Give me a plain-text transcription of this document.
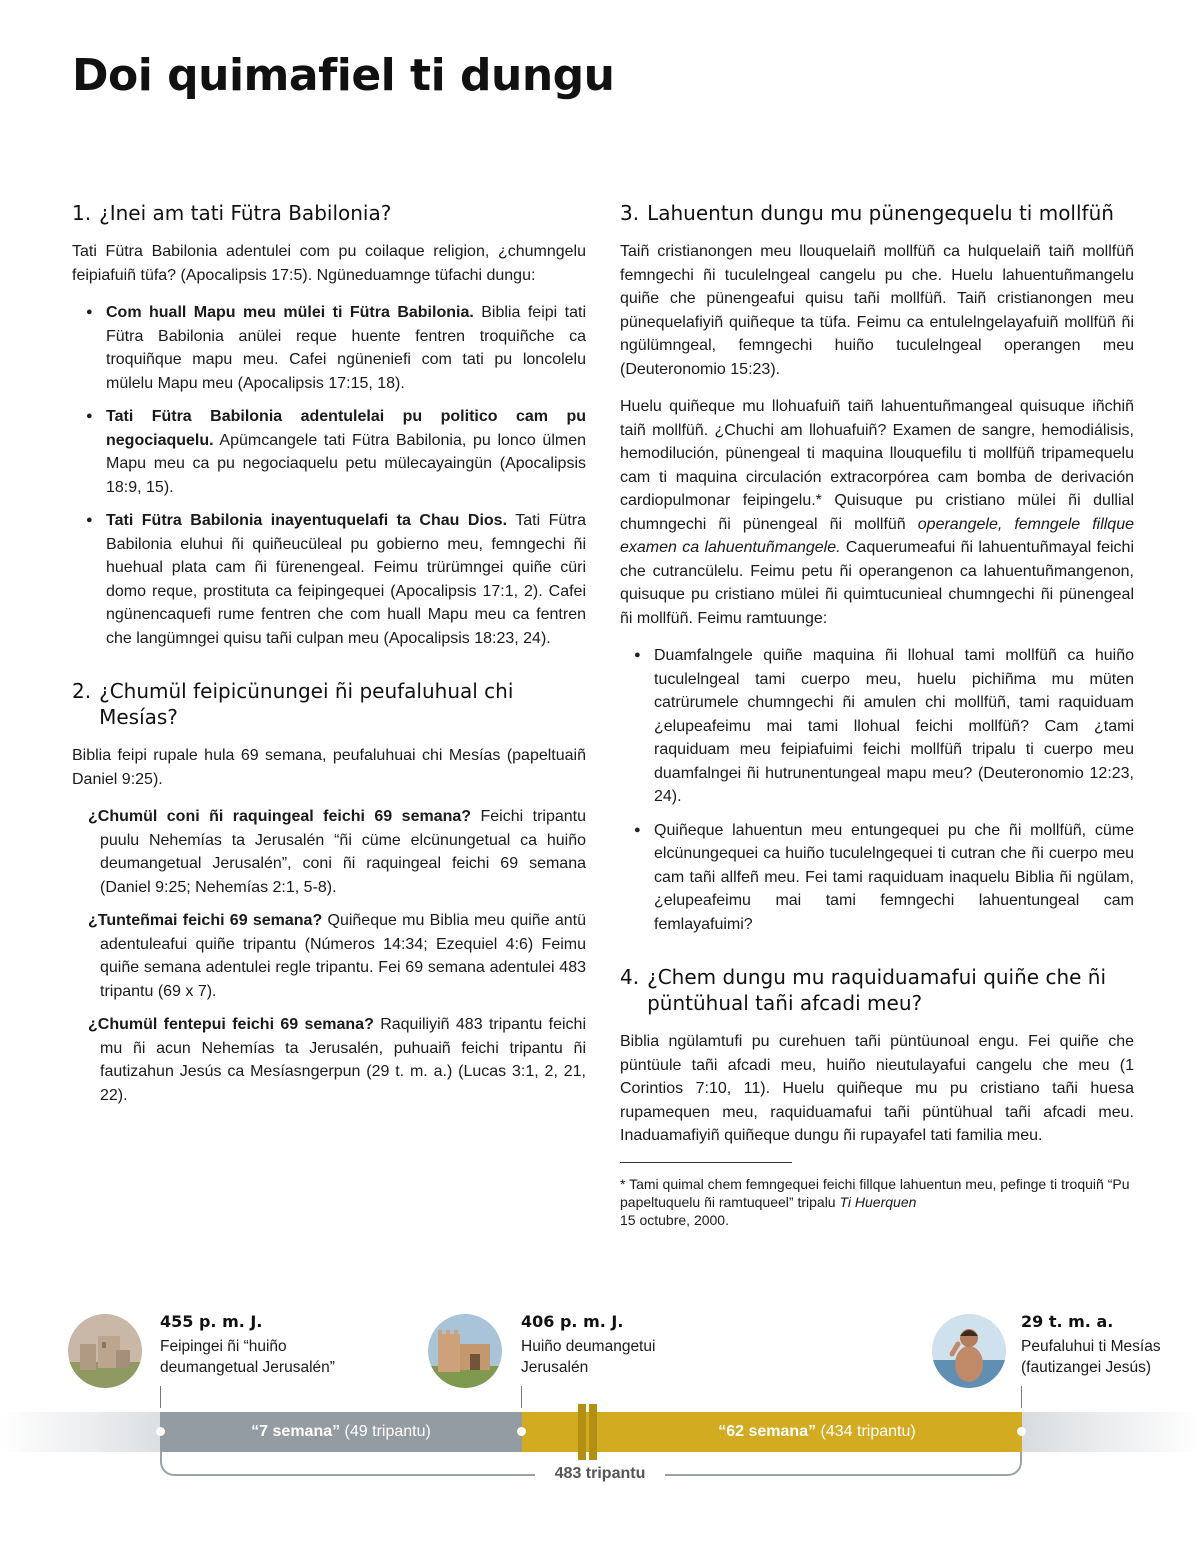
Doi quimafiel ti dungu
1. ¿Inei am tati Fütra Babilonia?

Tati Fütra Babilonia adentulei com pu coilaque religion, ¿chumngelu feipiafuiñ tüfa? (Apocalipsis 17:5). Ngüneduamnge tüfachi dungu:

● Com huall Mapu meu mülei ti Fütra Babilonia. Biblia feipi tati Fütra Babilonia anülei reque huente fentren troquiñche ca troquiñque mapu meu. Cafei ngüneniefi com tati pu loncolelu mülelu Mapu meu (Apocalipsis 17:15, 18).
● Tati Fütra Babilonia adentulelai pu politico cam pu negociaquelu. Apümcangele tati Fütra Babilonia, pu lonco ülmen Mapu meu ca pu negociaquelu petu mülecayaingün (Apocalipsis 18:9, 15).
● Tati Fütra Babilonia inayentuquelafi ta Chau Dios. Tati Fütra Babilonia eluhui ñi quiñeucüleal pu gobierno meu, femngechi ñi huehual plata cam ñi fürenengeal. Feimu trürümngei quiñe cüri domo reque, prostituta ca feipingequei (Apocalipsis 17:1, 2). Cafei ngünencaquefi rume fentren che com huall Mapu meu ca fentren che langümngei quisu tañi culpan meu (Apocalipsis 18:23, 24).
2. ¿Chumül feipicünungei ñi peufaluhual chi Mesías?

Biblia feipi rupale hula 69 semana, peufaluhuai chi Mesías (papeltuaiñ Daniel 9:25).

¿Chumül coni ñi raquingeal feichi 69 semana? Feichi tripantu puulu Nehemías ta Jerusalén “ñi cüme elcünungetual ca huiño deumangetual Jerusalén”, coni ñi raquingeal feichi 69 semana (Daniel 9:25; Nehemías 2:1, 5-8).
¿Tunteñmai feichi 69 semana? Quiñeque mu Biblia meu quiñe antü adentuleafui quiñe tripantu (Números 14:34; Ezequiel 4:6) Feimu quiñe semana adentulei regle tripantu. Fei 69 semana adentulei 483 tripantu (69 x 7).
¿Chumül fentepui feichi 69 semana? Raquiliyiñ 483 tripantu feichi mu ñi acun Nehemías ta Jerusalén, puhuaiñ feichi tripantu ñi fautizahun Jesús ca Mesíasngerpun (29 t. m. a.) (Lucas 3:1, 2, 21, 22).
3. Lahuentun dungu mu pünengequelu ti mollfüñ

Taiñ cristianongen meu llouquelaiñ mollfüñ ca hulquelaiñ taiñ mollfüñ femngechi ñi tuculelngeal cangelu pu che. Huelu lahuentuñmangelu quiñe che pünengeafui quisu tañi mollfüñ. Taiñ cristianongen meu pünequelafiyiñ quiñeque ta tüfa. Feimu ca entulelngelayafuiñ mollfüñ ñi ngülümngeal, femngechi huiño tuculelngeal operangen meu (Deuteronomio 15:23).

Huelu quiñeque mu llohuafuiñ taiñ lahuentuñmangeal quisuque iñchiñ taiñ mollfüñ. ¿Chuchi am llohuafuiñ? Examen de sangre, hemodiálisis, hemodilución, pünengeal ti maquina llouquefilu ti mollfüñ tripamequelu cam ti maquina circulación extracorpórea cam bomba de derivación cardiopulmonar feipingelu.* Quisuque pu cristiano mülei ñi dullial chumngechi ñi pünengeal ñi mollfüñ operangele, femngele fillque examen ca lahuentuñmangele. Caquerumeafui ñi lahuentuñmayal feichi che cutrancülelu. Feimu petu ñi operangenon ca lahuentuñmangenon, quisuque pu cristiano mülei ñi quimtucunieal chumngechi ñi pünengeal ñi mollfüñ. Feimu ramtuunge:

● Duamfalngele quiñe maquina ñi llohual tami mollfüñ ca huiño tuculelngeal tami cuerpo meu, huelu pichiñma mu müten catrürumele chumngechi ñi amulen chi mollfüñ, tami raquiduam ¿elupeafeimu mai tami llohual feichi mollfüñ? Cam ¿tami raquiduam meu feipiafuimi feichi mollfüñ tripalu ti cuerpo meu duamfalngei ñi hutrunentungeal mapu meu? (Deuteronomio 12:23, 24).
● Quiñeque lahuentun meu entungequei pu che ñi mollfüñ, cüme elcünungequei ca huiño tuculelngequei ti cutran che ñi cuerpo meu cam tañi allfeñ meu. Fei tami raquiduam inaquelu Biblia ñi ngülam, ¿elupeafeimu mai tami femngechi lahuentungeal cam femlayafuimi?
4. ¿Chem dungu mu raquiduamafui quiñe che ñi püntühual tañi afcadi meu?

Biblia ngülamtufi pu curehuen tañi püntüunoal engu. Fei quiñe che püntüule tañi afcadi meu, huiño nieutulayafui cangelu che meu (1 Corintios 7:10, 11). Huelu quiñeque mu pu cristiano tañi huesa rupamequen meu, raquiduamafui tañi püntühual tañi afcadi meu. Inaduamafiyiñ quiñeque dungu ñi rupayafel tati familia meu.

* Tami quimal chem femngequei feichi fillque lahuentun meu, pefinge ti troquiñ “Pu papeltuquelu ñi ramtuqueel” tripalu Ti Huerquen
15 octubre, 2000.

455 p. m. J.
Feipingei ñi “huiño
deumangetual Jerusalén”
406 p. m. J.
Huiño deumangetui
Jerusalén
29 t. m. a.
Peufaluhui ti Mesías
(fautizangei Jesús)
“7 semana” (49 tripantu)	“62 semana” (434 tripantu)
483 tripantu
